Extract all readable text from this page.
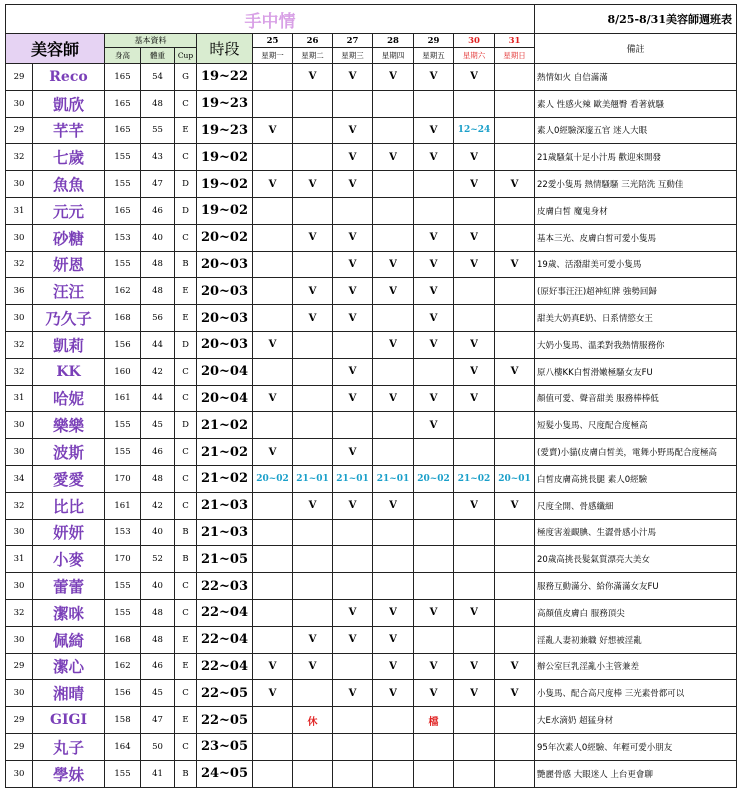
手中情													8/25-8/31美容師週班表
美容師		基本資料			時段	25	26	27	28	29	30	31	備註
		身高	體重	Cup		星期一	星期二	星期三	星期四	星期五	星期六	星期日	
29	Reco	165	54	G	19~22		V	V	V	V	V		熱情如火 自信滿滿
30	凱欣	165	48	C	19~23								素人 性感火辣 歐美翹臀 看著就騷
29	芊芊	165	55	E	19~23	V		V		V	12~24		素人0經驗深邃五官 迷人大眼
32	七歲	155	43	C	19~02			V	V	V	V		21歲騷氣十足小汁馬 歡迎來開發
30	魚魚	155	47	D	19~02	V	V	V			V	V	22愛小隻馬 熱情騷騷 三光陪洗 互動佳
31	元元	165	46	D	19~02								皮膚白皙 魔鬼身材
30	砂糖	153	40	C	20~02		V	V		V	V		基本三光、皮膚白皙可愛小隻馬
32	妍恩	155	48	B	20~03			V	V	V	V	V	19歲、活潑甜美可愛小隻馬
36	汪汪	162	48	E	20~03		V	V	V	V			(原好事汪汪)超神紅牌 強勢回歸
30	乃久子	168	56	E	20~03		V	V		V			甜美大奶真E奶、日系情慾女王
32	凱莉	156	44	D	20~03	V			V	V	V		大奶小隻馬、溫柔對我熱情服務你
32	KK	160	42	C	20~04			V			V	V	原八樓KK白皙滑嫩極騷女友FU
31	哈妮	161	44	C	20~04	V		V	V	V	V		顏值可愛、聲音甜美 服務棒棒低
30	樂樂	155	45	D	21~02					V			短髮小隻馬、尺度配合度極高
30	波斯	155	46	C	21~02	V		V					(愛賣)小貓(皮膚白皙美，電舞小野馬配合度極高
34	愛愛	170	48	C	21~02	20~02	21~01	21~01	21~01	20~02	21~02	20~01	白皙皮膚高挑長腿 素人0經驗
32	比比	161	42	C	21~03		V	V	V		V	V	尺度全開、骨感纖細
30	妍妍	153	40	B	21~03								極度害羞靦腆、生澀骨感小汁馬
31	小麥	170	52	B	21~05								20歲高挑長髮氣質漂亮大美女
30	蕾蕾	155	40	C	22~03								服務互動滿分、給你滿滿女友FU
32	潔咪	155	48	C	22~04			V	V	V	V		高顏值皮膚白 服務頂尖
30	佩綺	168	48	E	22~04		V	V	V				淫亂人妻初兼職 好想被淫亂
29	潔心	162	46	E	22~04	V	V		V	V	V	V	辦公室巨乳淫亂小主管兼差
30	湘晴	156	45	C	22~05	V		V	V	V	V	V	小隻馬、配合高尺度棒 三光素骨都可以
29	GIGI	158	47	E	22~05		休			檔			大E水滴奶 超猛身材
29	丸子	164	50	C	23~05								95年次素人0經驗、年輕可愛小朋友
30	學妹	155	41	B	24~05								艷麗骨感 大眼迷人 上台更會聊
